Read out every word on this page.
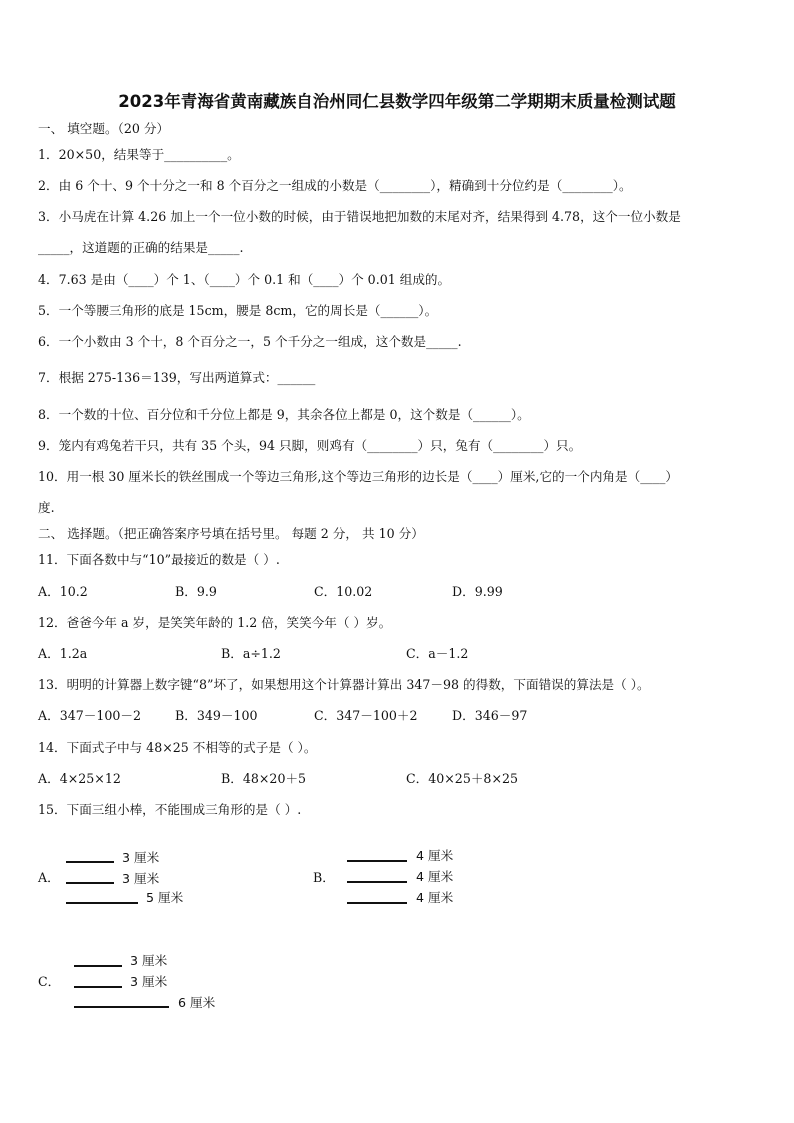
2023年青海省黄南藏族自治州同仁县数学四年级第二学期期末质量检测试题
一、 填空题。（20 分）
1．20×50，结果等于__________。
2．由 6 个十、9 个十分之一和 8 个百分之一组成的小数是（________），精确到十分位约是（________）。
3．小马虎在计算 4.26 加上一个一位小数的时候，由于错误地把加数的末尾对齐，结果得到 4.78，这个一位小数是
_____，这道题的正确的结果是_____.
4．7.63 是由（____）个 1、（____）个 0.1 和（____）个 0.01 组成的。
5．一个等腰三角形的底是 15cm，腰是 8cm，它的周长是（______）。
6．一个小数由 3 个十，8 个百分之一，5 个千分之一组成，这个数是_____.
7．根据 275-136＝139，写出两道算式：______
8．一个数的十位、百分位和千分位上都是 9，其余各位上都是 0，这个数是（______）。
9．笼内有鸡兔若干只，共有 35 个头，94 只脚，则鸡有（________）只，兔有（________）只。
10．用一根 30 厘米长的铁丝围成一个等边三角形,这个等边三角形的边长是（____）厘米,它的一个内角是（____）
度.
二、 选择题。（把正确答案序号填在括号里。 每题 2 分， 共 10 分）
11．下面各数中与“10”最接近的数是（ ）.
A．10.2	B．9.9	C．10.02	D．9.99
12．爸爸今年 a 岁，是笑笑年龄的 1.2 倍，笑笑今年（ ）岁。
A．1.2a	B．a÷1.2	C．a－1.2
13．明明的计算器上数字键“8”坏了，如果想用这个计算器计算出 347－98 的得数，下面错误的算法是（ ）。
A．347－100－2	B．349－100	C．347－100＋2	D．346－97
14．下面式子中与 48×25 不相等的式子是（ ）。
A．4×25×12	B．48×20＋5	C．40×25＋8×25
15．下面三组小棒，不能围成三角形的是（ ）.
A．
3 厘米
3 厘米
5 厘米
B．
4 厘米
4 厘米
4 厘米
C．
3 厘米
3 厘米
6 厘米
